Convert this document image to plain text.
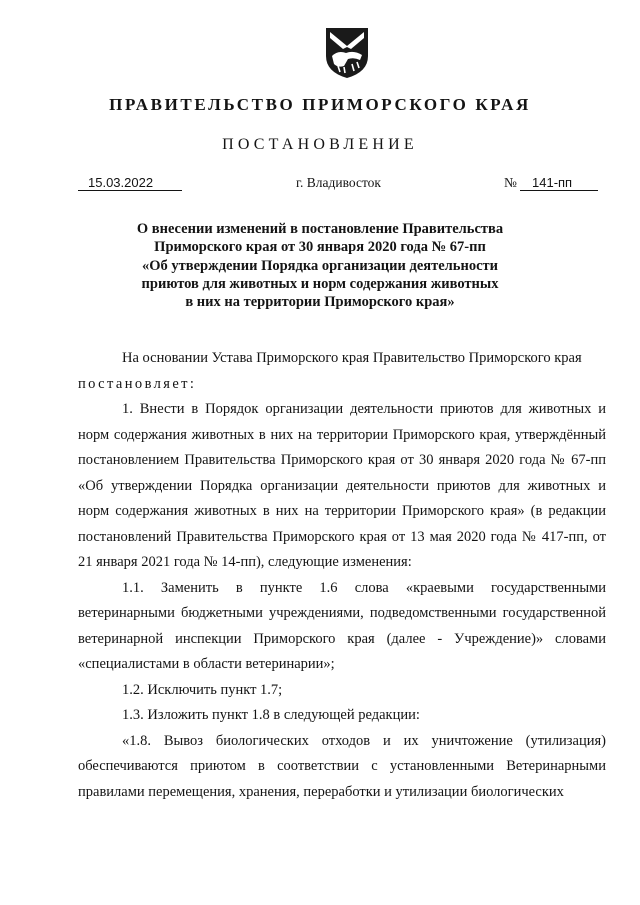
ПРАВИТЕЛЬСТВО ПРИМОРСКОГО КРАЯ
ПОСТАНОВЛЕНИЕ
15.03.2022	г. Владивосток	№	141-пп
О внесении изменений в постановление Правительства
Приморского края от 30 января 2020 года № 67-пп
«Об утверждении Порядка организации деятельности
приютов для животных и норм содержания животных
в них на территории Приморского края»

На основании Устава Приморского края Правительство Приморского края

постановляет:

1. Внести в Порядок организации деятельности приютов для животных и норм содержания животных в них на территории Приморского края, утверждённый постановлением Правительства Приморского края от 30 января 2020 года № 67-пп «Об утверждении Порядка организации деятельности приютов для животных и норм содержания животных в них на территории Приморского края» (в редакции постановлений Правительства Приморского края от 13 мая 2020 года № 417-пп, от 21 января 2021 года № 14-пп), следующие изменения:

1.1. Заменить в пункте 1.6 слова «краевыми государственными ветеринарными бюджетными учреждениями, подведомственными государственной ветеринарной инспекции Приморского края (далее - Учреждение)» словами «специалистами в области ветеринарии»;

1.2. Исключить пункт 1.7;

1.3. Изложить пункт 1.8 в следующей редакции:

«1.8. Вывоз биологических отходов и их уничтожение (утилизация) обеспечиваются приютом в соответствии с установленными Ветеринарными правилами перемещения, хранения, переработки и утилизации биологических
